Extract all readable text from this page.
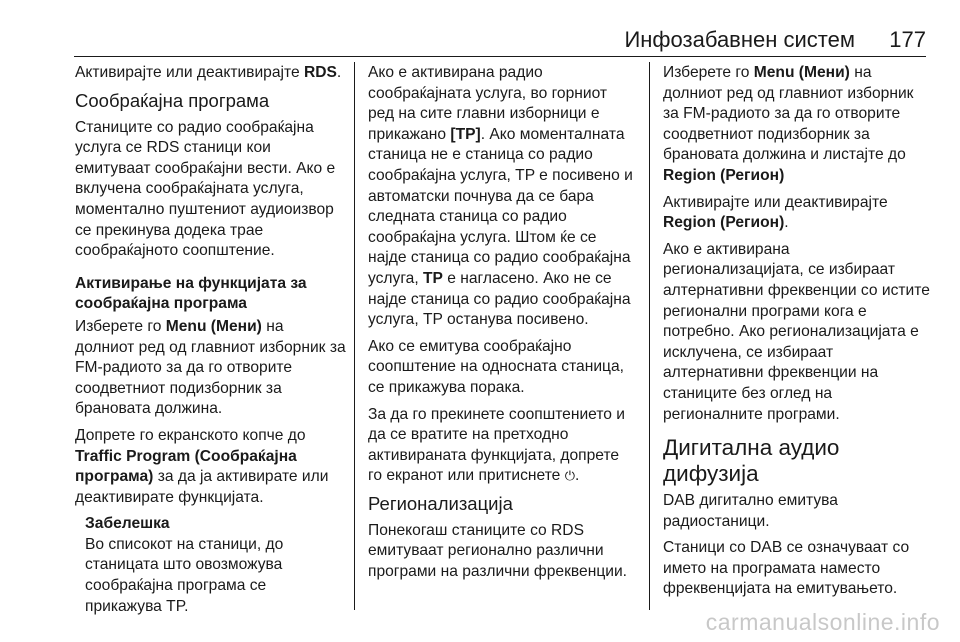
Инфозабавнен систем 177

Активирајте или деактивирајте RDS.

Сообраќајна програма

Станиците со радио сообраќајна услуга се RDS станици кои емитуваат сообраќајни вести. Ако е вклучена сообраќајната услуга, моментално пуштениот аудиоизвор се прекинува додека трае сообраќајното соопштение.

Активирање на функцијата за сообраќајна програма

Изберете го Menu (Мени) на долниот ред од главниот изборник за FM-радиото за да го отворите соодветниот подизборник за брановата должина.

Допрете го екранското копче до Traffic Program (Сообраќајна програма) за да ја активирате или деактивирате функцијата.

Забелешка
Во списокот на станици, до станицата што овозможува сообраќајна програма се прикажува TP.

Ако е активирана радио сообраќајната услуга, во горниот ред на сите главни изборници е прикажано [TP]. Ако моменталната станица не е станица со радио сообраќајна услуга, TP е посивено и автоматски почнува да се бара следната станица со радио сообраќајна услуга. Штом ќе се најде станица со радио сообраќајна услуга, TP е нагласено. Ако не се најде станица со радио сообраќајна услуга, TP останува посивено.

Ако се емитува сообраќајно соопштение на односната станица, се прикажува порака.

За да го прекинете соопштението и да се вратите на претходно активираната функцијата, допрете го екранот или притиснете ⏻.

Регионализација

Понекогаш станиците со RDS емитуваат регионално различни програми на различни фреквенции.

Изберете го Menu (Мени) на долниот ред од главниот изборник за FM-радиото за да го отворите соодветниот подизборник за брановата должина и листајте до Region (Регион)

Активирајте или деактивирајте Region (Регион).

Ако е активирана регионализацијата, се избираат алтернативни фреквенции со истите регионални програми кога е потребно. Ако регионализацијата е исклучена, се избираат алтернативни фреквенции на станиците без оглед на регионалните програми.

Дигитална аудио дифузија

DAB дигитално емитува радиостаници.

Станици со DAB се означуваат со името на програмата наместо фреквенцијата на емитувањето.

carmanualsonline.info
